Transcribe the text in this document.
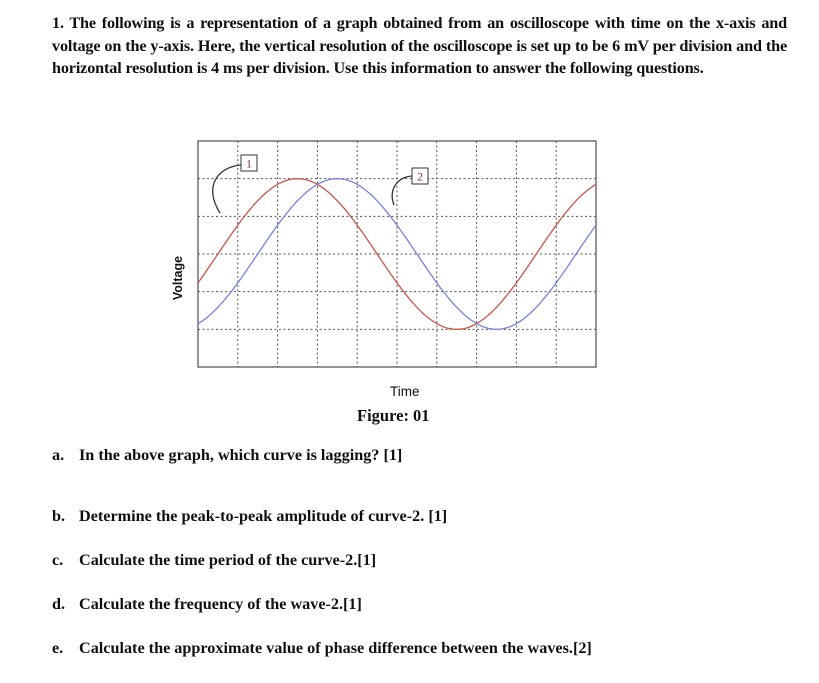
1. The following is a representation of a graph obtained from an oscilloscope with time on the x-axis and voltage on the y-axis. Here, the vertical resolution of the oscilloscope is set up to be 6 mV per division and the horizontal resolution is 4 ms per division. Use this information to answer the following questions.
Voltage
1
2
Time
Figure: 01
a. In the above graph, which curve is lagging? [1]
b. Determine the peak-to-peak amplitude of curve-2. [1]
c. Calculate the time period of the curve-2.[1]
d. Calculate the frequency of the wave-2.[1]
e. Calculate the approximate value of phase difference between the waves.[2]
